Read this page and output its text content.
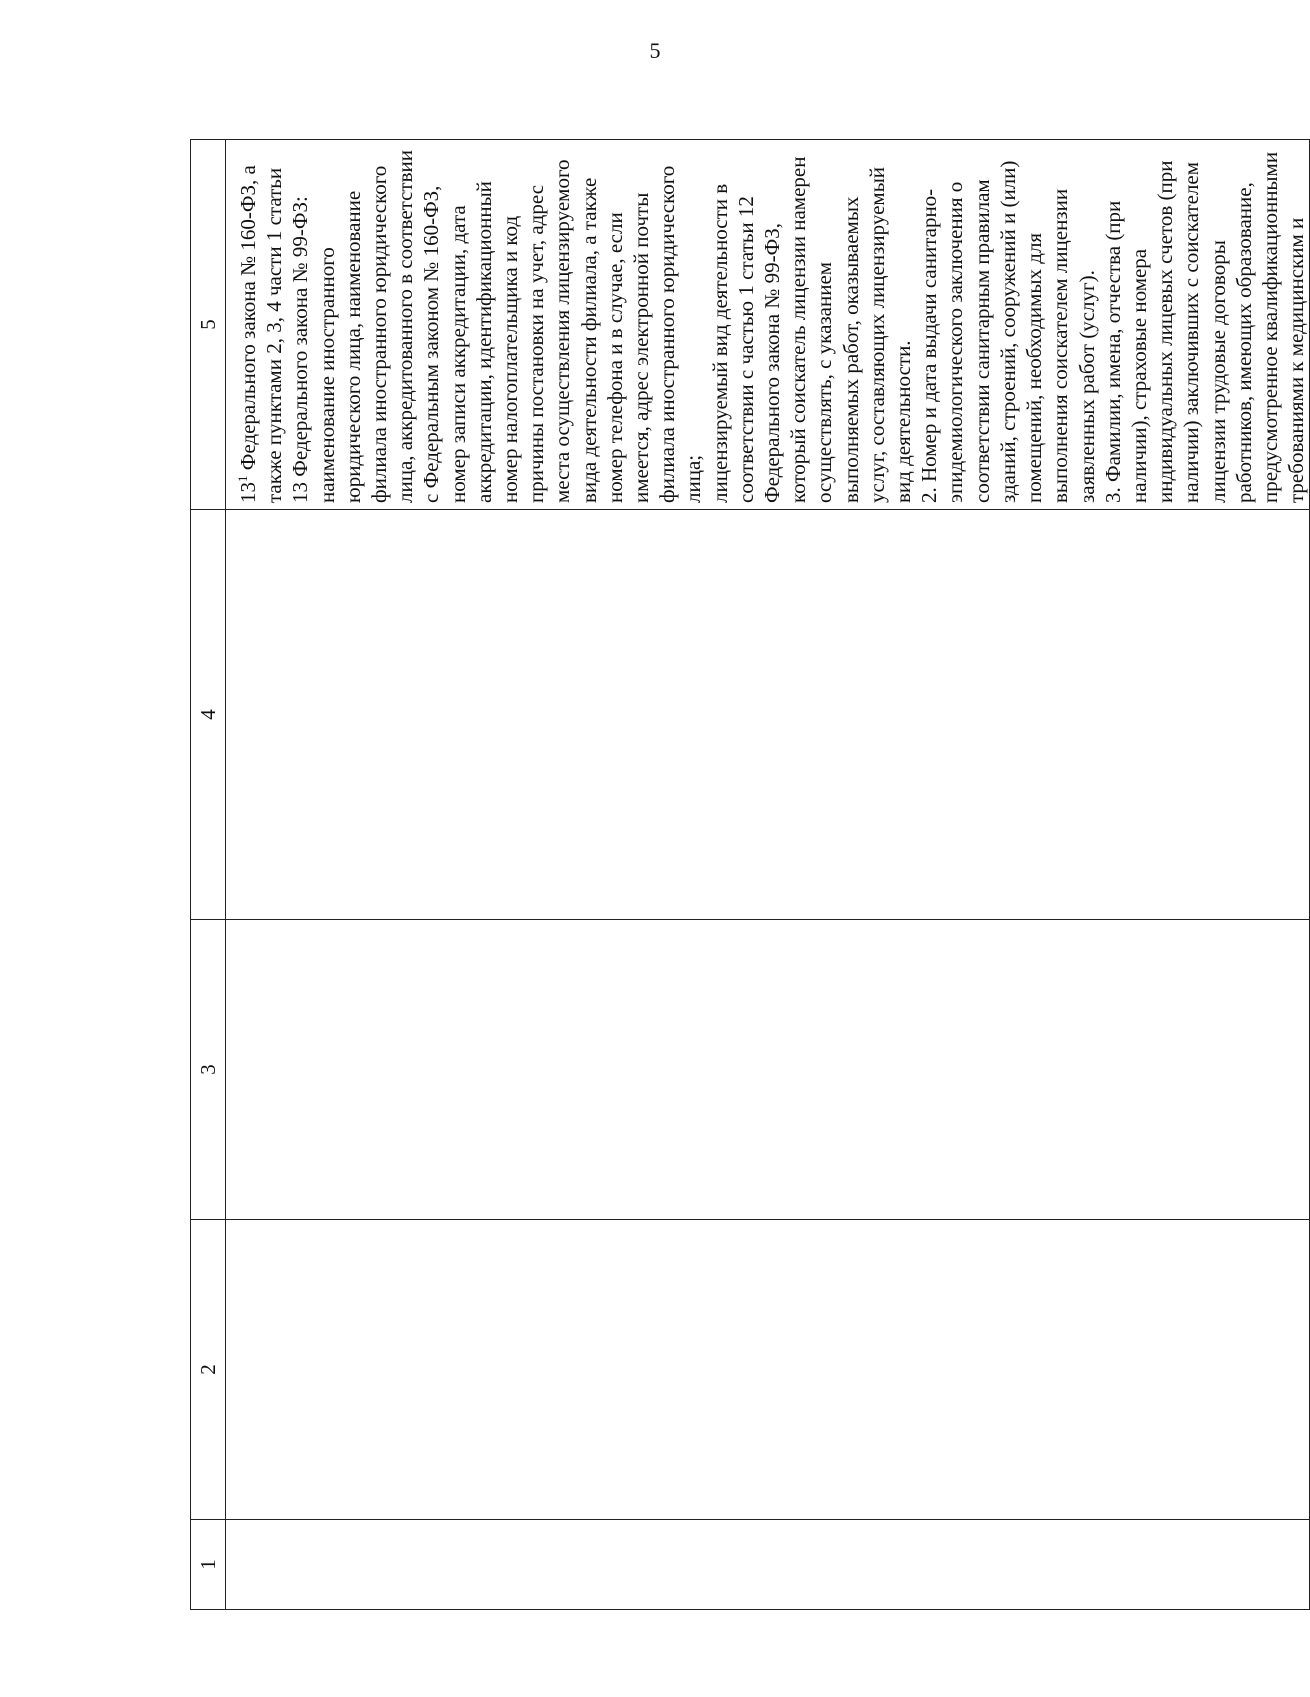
5
1	2	3	4	5

				$13^1$ Федерального закона № 160-ФЗ, а также пунктами 2, 3, 4 части 1 статьи 13 Федерального закона № 99-ФЗ:
наименование иностранного юридического лица, наименование филиала иностранного юридического лица, аккредитованного в соответствии с Федеральным законом № 160-ФЗ, номер записи аккредитации, дата аккредитации, идентификационный номер налогоплательщика и код причины постановки на учет, адрес места осуществления лицензируемого вида деятельности филиала, а также номер телефона и в случае, если имеется, адрес электронной почты филиала иностранного юридического лица;
лицензируемый вид деятельности в соответствии с частью 1 статьи 12 Федерального закона № 99-ФЗ, который соискатель лицензии намерен осуществлять, с указанием выполняемых работ, оказываемых услуг, составляющих лицензируемый вид деятельности.
2. Номер и дата выдачи санитарно-эпидемиологического заключения о соответствии санитарным правилам зданий, строений, сооружений и (или) помещений, необходимых для выполнения соискателем лицензии заявленных работ (услуг).
3. Фамилии, имена, отчества (при наличии), страховые номера индивидуальных лицевых счетов (при наличии) заключивших с соискателем лицензии трудовые договоры работников, имеющих образование, предусмотренное квалификационными требованиями к медицинским и
